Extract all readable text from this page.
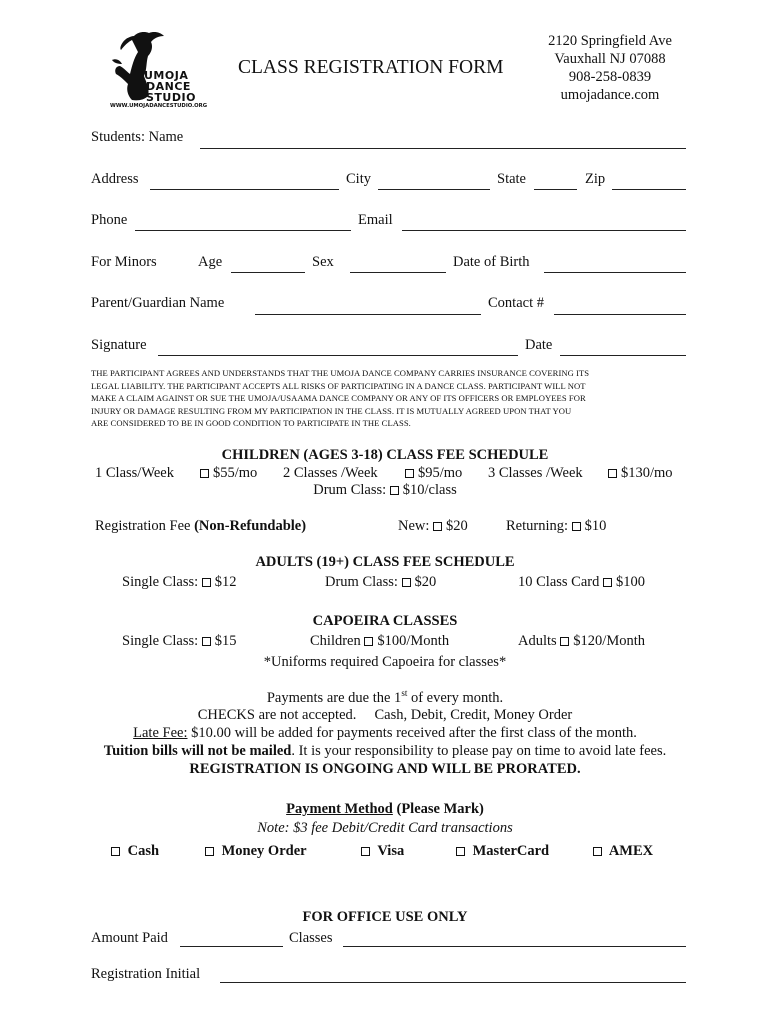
UMOJA
DANCE
STUDIO
WWW.UMOJADANCESTUDIO.ORG
CLASS REGISTRATION FORM
2120 Springfield Ave
Vauxhall NJ 07088
908-258-0839
umojadance.com
Students: Name
Address	City	State	Zip
Phone	Email
For Minors	Age	Sex	Date of Birth
Parent/Guardian Name	Contact #
Signature	Date
THE PARTICIPANT AGREES AND UNDERSTANDS THAT THE UMOJA DANCE COMPANY CARRIES INSURANCE COVERING ITS
LEGAL LIABILITY. THE PARTICIPANT ACCEPTS ALL RISKS OF PARTICIPATING IN A DANCE CLASS. PARTICIPANT WILL NOT
MAKE A CLAIM AGAINST OR SUE THE UMOJA/USAAMA DANCE COMPANY OR ANY OF ITS OFFICERS OR EMPLOYEES FOR
INJURY OR DAMAGE RESULTING FROM MY PARTICIPATION IN THE CLASS. IT IS MUTUALLY AGREED UPON THAT YOU
ARE CONSIDERED TO BE IN GOOD CONDITION TO PARTICIPATE IN THE CLASS.
CHILDREN (AGES 3-18) CLASS FEE SCHEDULE
1 Class/Week	$55/mo 2 Classes /Week	$95/mo 3 Classes /Week	$130/mo
Drum Class: $10/class
Registration Fee (Non-Refundable)	New: $20	Returning: $10
ADULTS (19+) CLASS FEE SCHEDULE
Single Class: $12	Drum Class: $20	10 Class Card $100
CAPOEIRA CLASSES
Single Class: $15	Children $100/Month	Adults $120/Month
*Uniforms required Capoeira for classes*
Payments are due the 1st of every month.
CHECKS are not accepted. Cash, Debit, Credit, Money Order
Late Fee: $10.00 will be added for payments received after the first class of the month.
Tuition bills will not be mailed. It is your responsibility to please pay on time to avoid late fees.
REGISTRATION IS ONGOING AND WILL BE PRORATED.
Payment Method (Please Mark)
Note: $3 fee Debit/Credit Card transactions
Cash	Money Order	Visa	MasterCard	AMEX
FOR OFFICE USE ONLY
Amount Paid	Classes
Registration Initial
